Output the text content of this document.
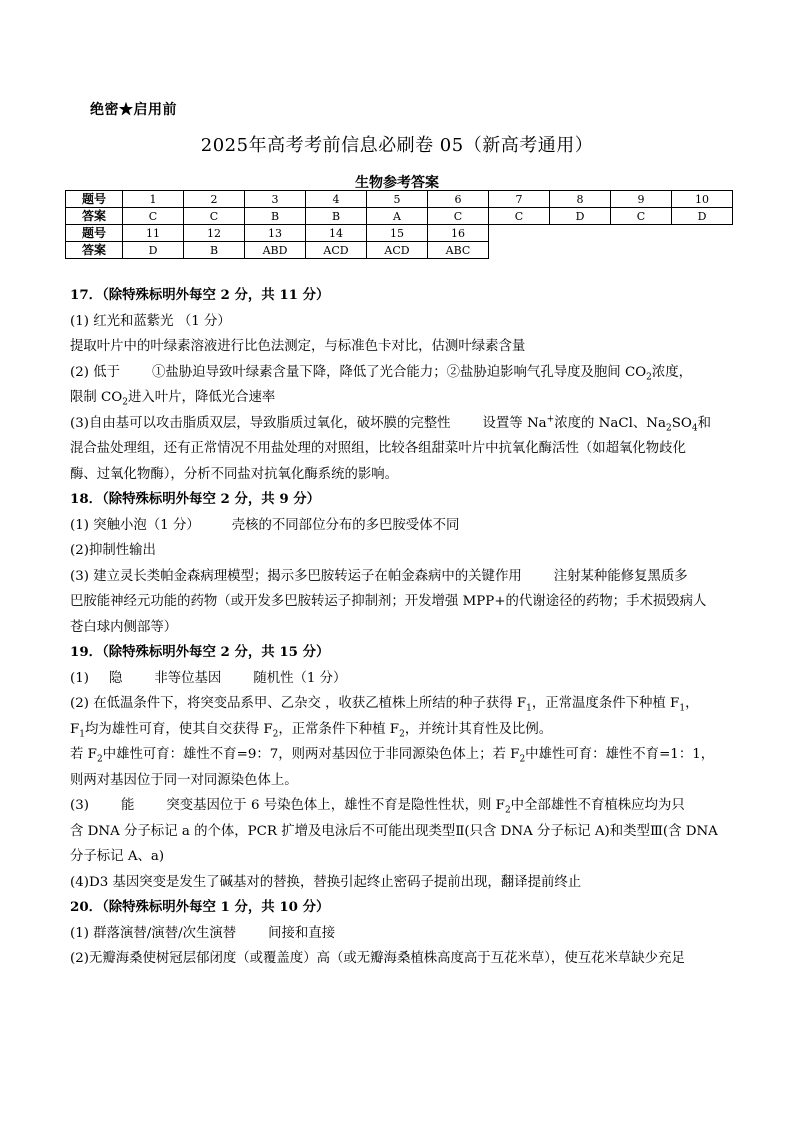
绝密★启用前
2025年高考考前信息必刷卷 05（新高考通用）
生物参考答案
题号	1	2	3	4	5	6	7	8	9	10
答案	C	C	B	B	A	C	C	D	C	D
题号	11	12	13	14	15	16				
答案	D	B	ABD	ACD	ACD	ABC				

17．（除特殊标明外每空 2 分，共 11 分）

(1) 红光和蓝紫光 （1 分）

提取叶片中的叶绿素溶液进行比色法测定，与标准色卡对比，估测叶绿素含量

(2) 低于 ①盐胁迫导致叶绿素含量下降，降低了光合能力；②盐胁迫影响气孔导度及胞间 $CO_2$浓度，

限制 $CO_2$进入叶片，降低光合速率

(3)自由基可以攻击脂质双层，导致脂质过氧化，破坏膜的完整性 设置等 Na+浓度的 NaCl、$Na_2SO_4$和

混合盐处理组，还有正常情况不用盐处理的对照组，比较各组甜菜叶片中抗氧化酶活性（如超氧化物歧化

酶、过氧化物酶），分析不同盐对抗氧化酶系统的影响。

18．（除特殊标明外每空 2 分，共 9 分）

(1) 突触小泡（1 分） 壳核的不同部位分布的多巴胺受体不同

(2)抑制性输出

(3) 建立灵长类帕金森病理模型；揭示多巴胺转运子在帕金森病中的关键作用 注射某种能修复黑质多

巴胺能神经元功能的药物（或开发多巴胺转运子抑制剂；开发增强 MPP+的代谢途径的药物；手术损毁病人

苍白球内侧部等）

19．（除特殊标明外每空 2 分，共 15 分）

(1) 隐 非等位基因 随机性（1 分）

(2) 在低温条件下，将突变品系甲、乙杂交 ，收获乙植株上所结的种子获得 $F_1$，正常温度条件下种植 $F_1$，

$F_1$均为雄性可育，使其自交获得 $F_2$，正常条件下种植 $F_2$，并统计其育性及比例。

若 $F_2$中雄性可育：雄性不育=9：7，则两对基因位于非同源染色体上；若 $F_2$中雄性可育：雄性不育=1：1，

则两对基因位于同一对同源染色体上。

(3) 能 突变基因位于 6 号染色体上，雄性不育是隐性性状，则 $F_2$中全部雄性不育植株应均为只

含 DNA 分子标记 a 的个体，PCR 扩增及电泳后不可能出现类型Ⅱ(只含 DNA 分子标记 A)和类型Ⅲ(含 DNA

分子标记 A、a)

(4)D3 基因突变是发生了碱基对的替换，替换引起终止密码子提前出现，翻译提前终止

20．（除特殊标明外每空 1 分，共 10 分）

(1) 群落演替/演替/次生演替 间接和直接

(2)无瓣海桑使树冠层郁闭度（或覆盖度）高（或无瓣海桑植株高度高于互花米草），使互花米草缺少充足
